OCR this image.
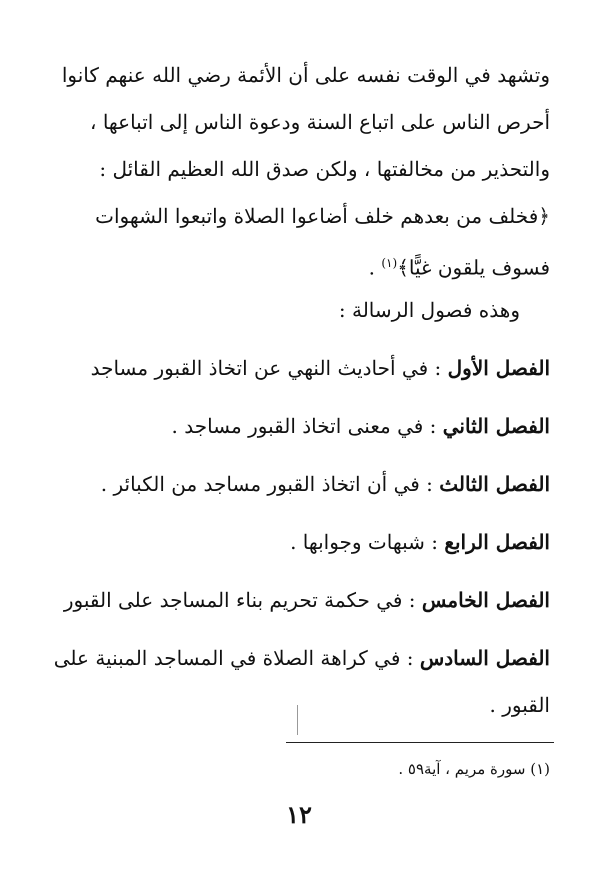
وتشهد في الوقت نفسه على أن الأئمة رضي الله عنهم كانوا
أحرص الناس على اتباع السنة ودعوة الناس إلى اتباعها ،
والتحذير من مخالفتها ، ولكن صدق الله العظيم القائل :
﴿فخلف من بعدهم خلف أضاعوا الصلاة واتبعوا الشهوات
فسوف يلقون غيًّا﴾$^{(١)}$ .
وهذه فصول الرسالة :
الفصل الأول : في أحاديث النهي عن اتخاذ القبور مساجد
الفصل الثاني : في معنى اتخاذ القبور مساجد .
الفصل الثالث : في أن اتخاذ القبور مساجد من الكبائر .
الفصل الرابع : شبهات وجوابها .
الفصل الخامس : في حكمة تحريم بناء المساجد على القبور
الفصل السادس : في كراهة الصلاة في المساجد المبنية على
القبور .
(١) سورة مريم ، آية٥٩ .
١٢
